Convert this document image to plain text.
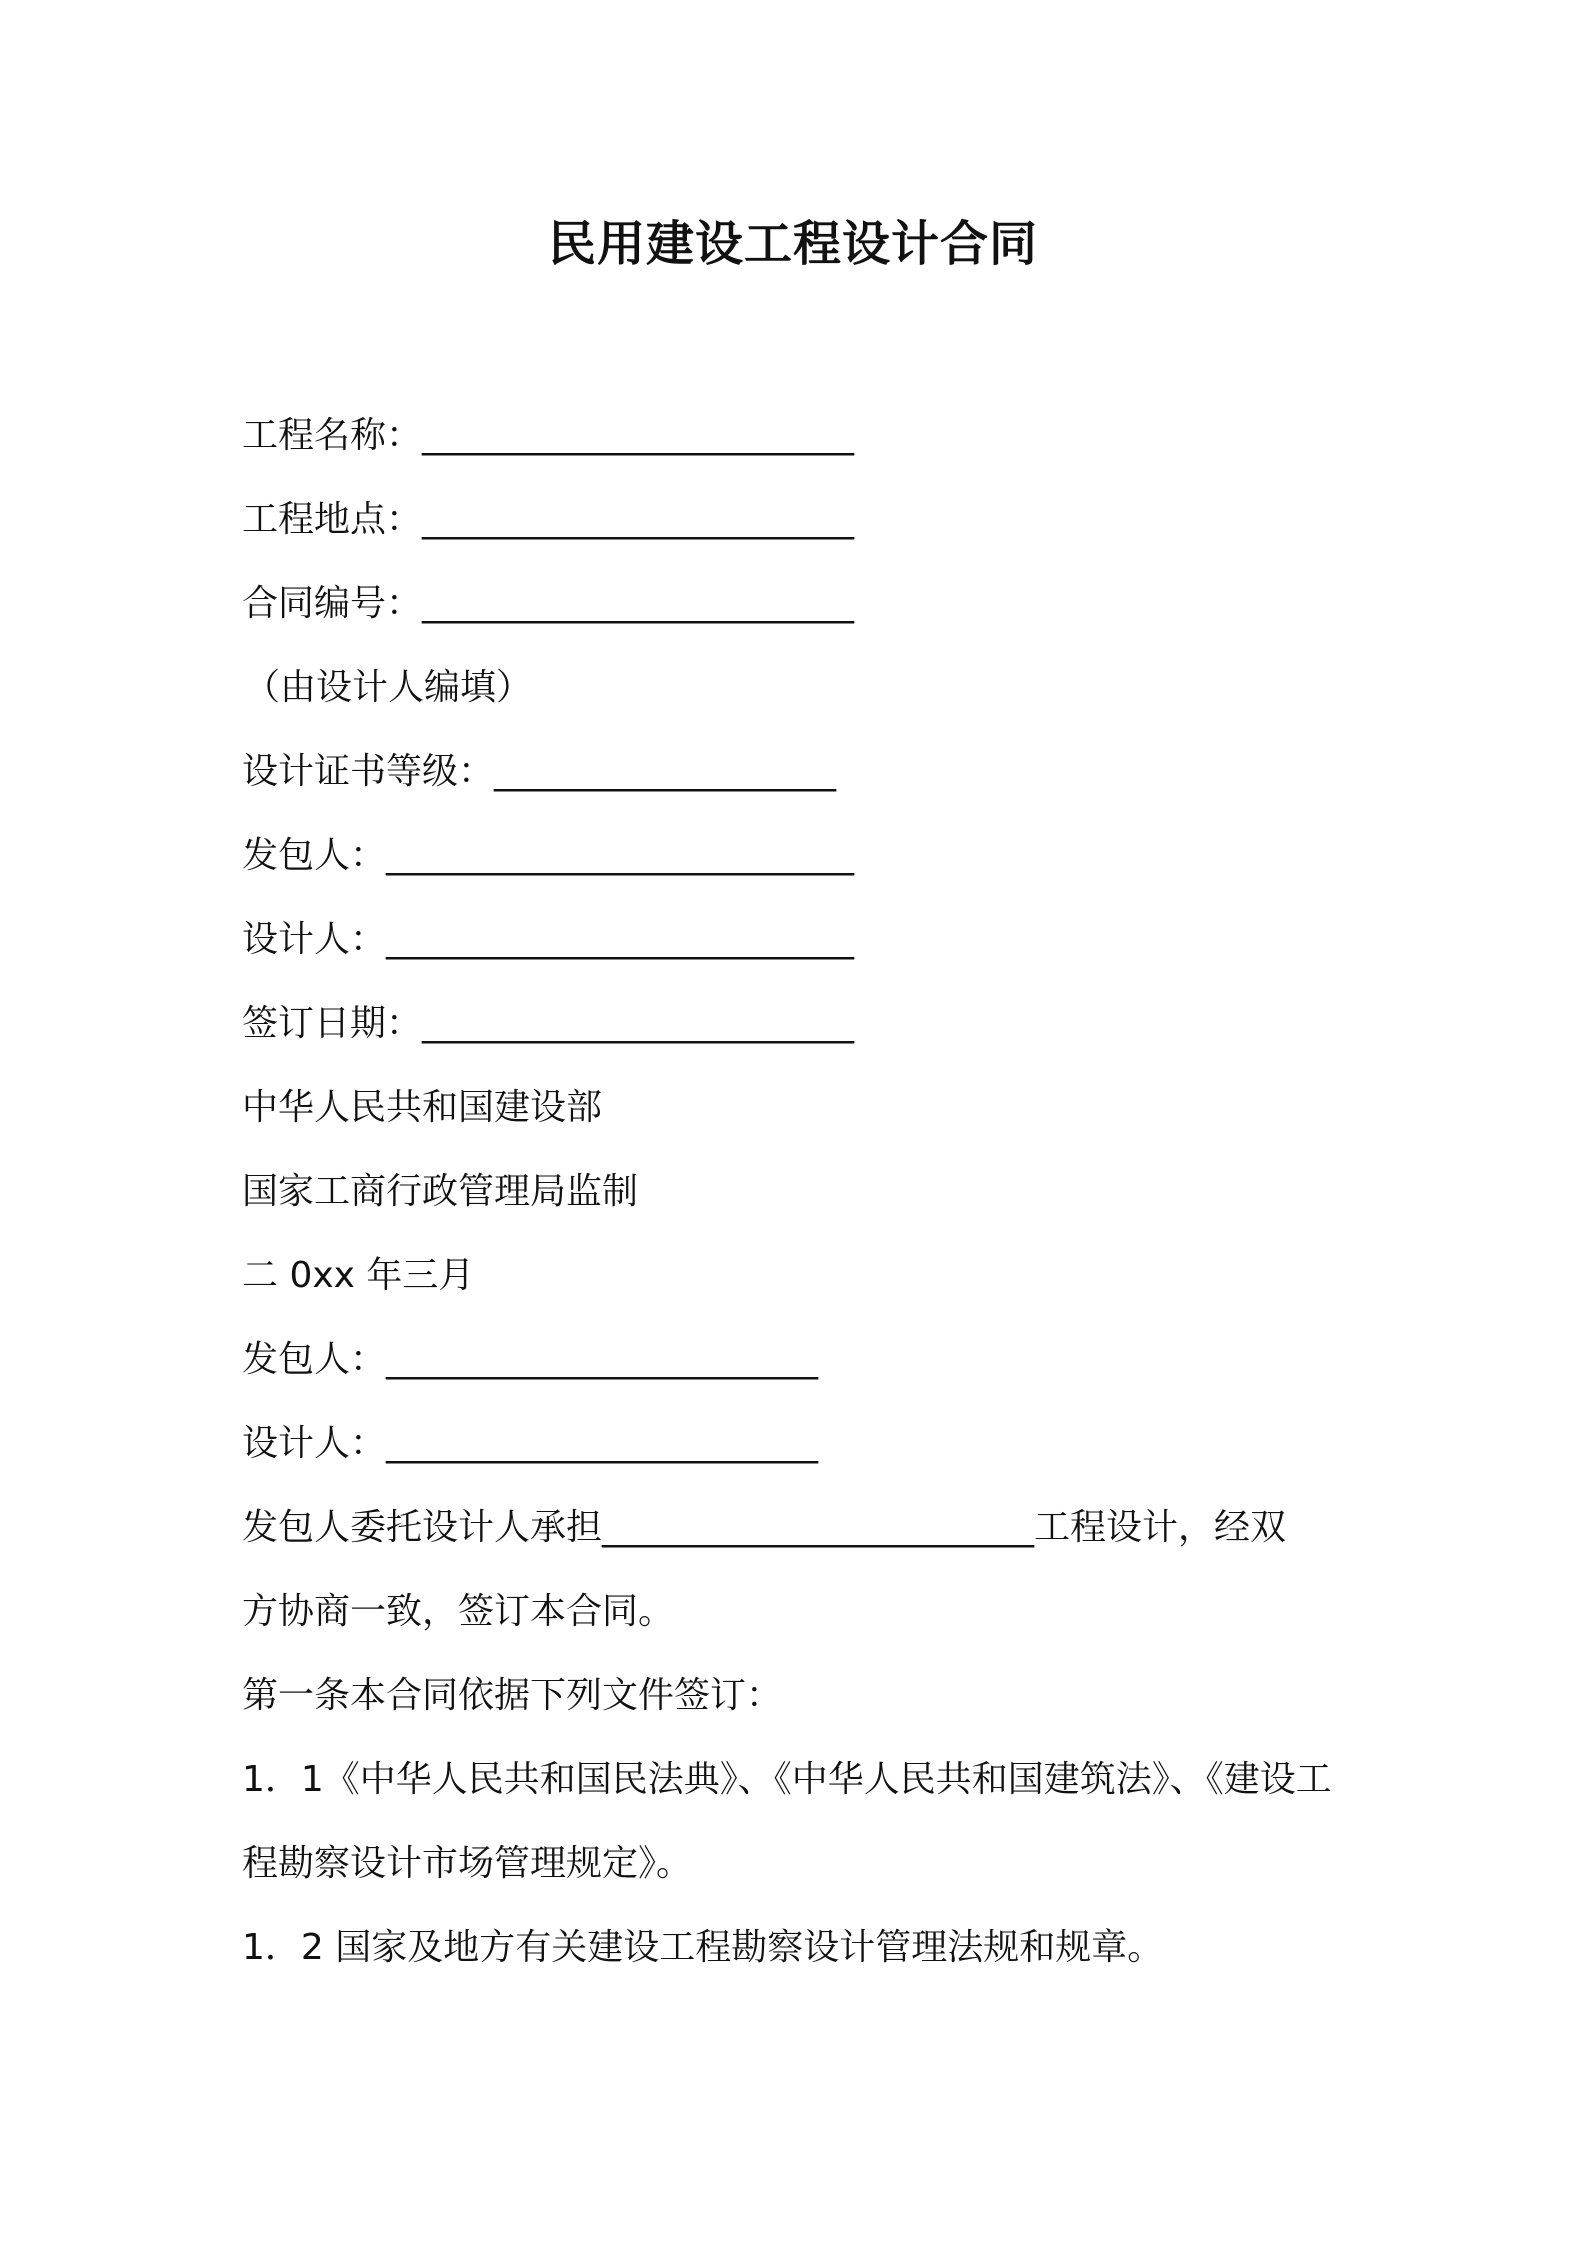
民用建设工程设计合同
工程名称：________________________
工程地点：________________________
合同编号：________________________
（由设计人编填）
设计证书等级：___________________
发包人：__________________________
设计人：__________________________
签订日期：________________________
中华人民共和国建设部
国家工商行政管理局监制
二 0xx 年三月
发包人：________________________
设计人：________________________
发包人委托设计人承担________________________工程设计，经双
方协商一致，签订本合同。
第一条本合同依据下列文件签订：
1．1《中华人民共和国民法典》、《中华人民共和国建筑法》、《建设工
程勘察设计市场管理规定》。
1．2 国家及地方有关建设工程勘察设计管理法规和规章。
